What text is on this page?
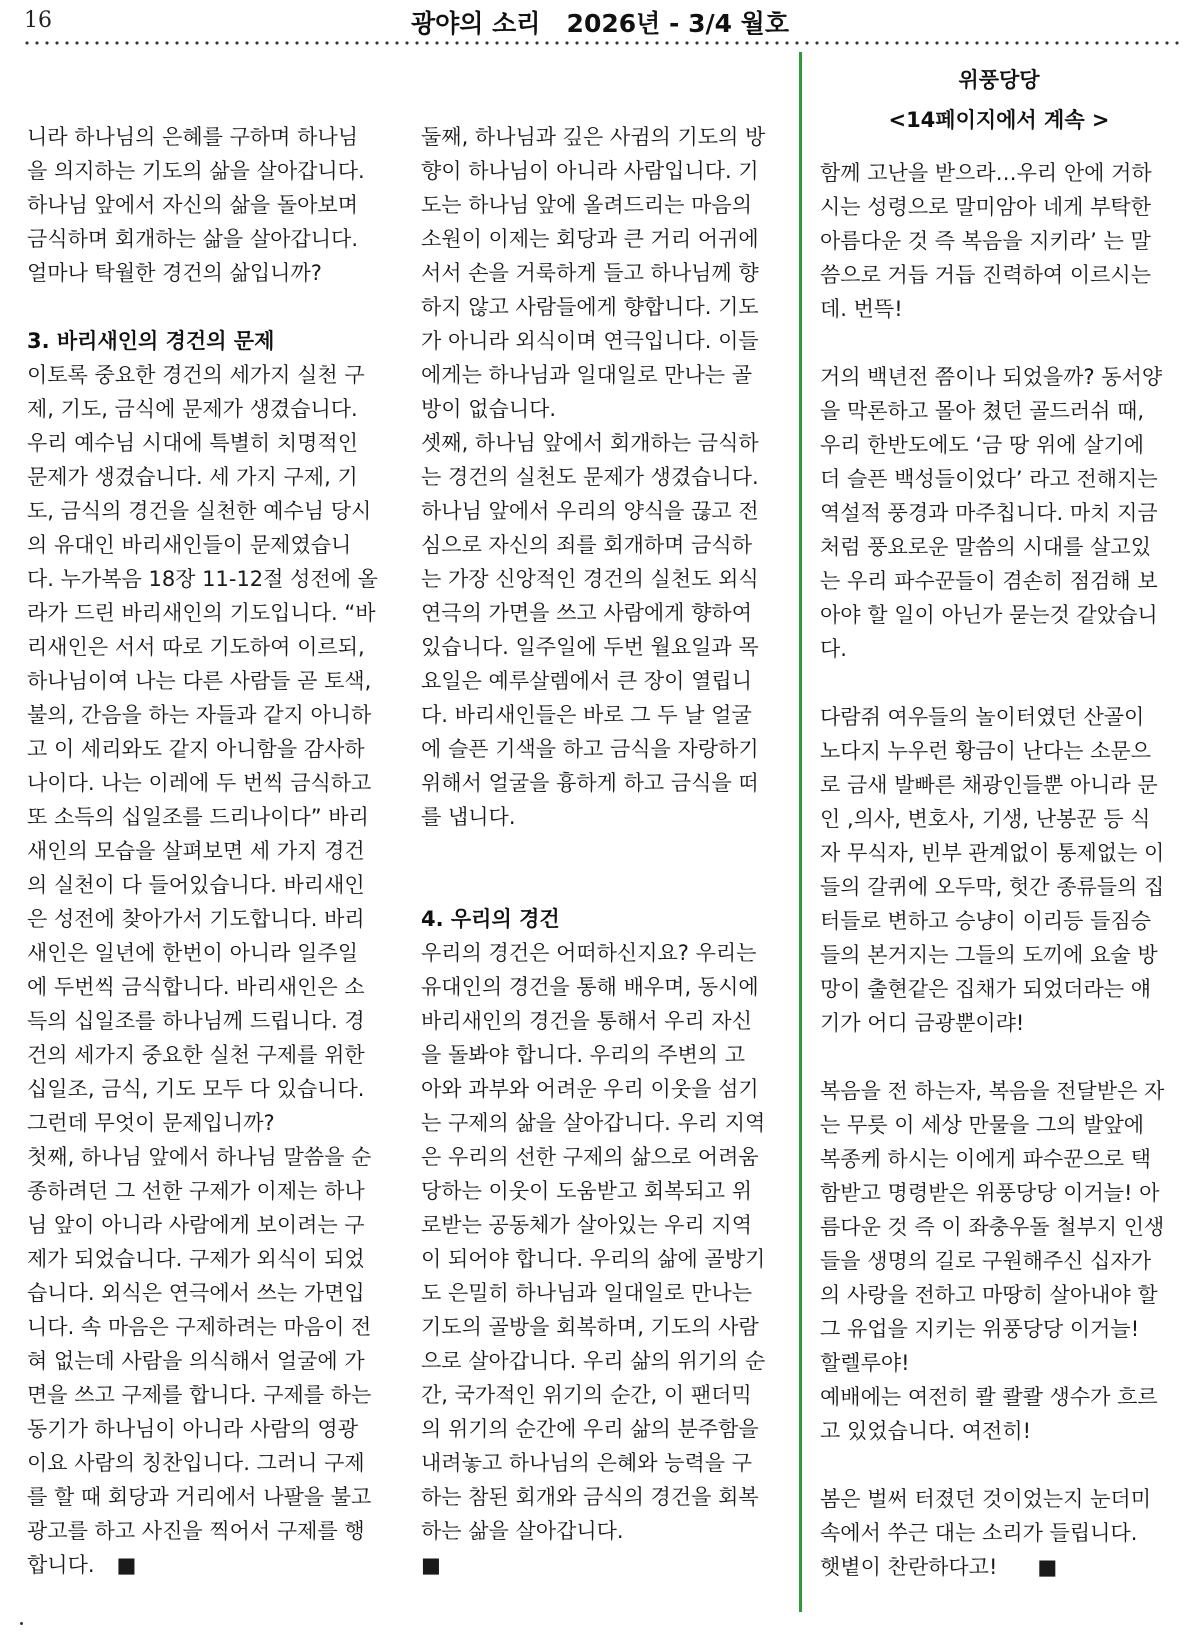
16	광야의 소리   2026년 - 3/4 월호

니라 하나님의 은혜를 구하며 하나님

을 의지하는 기도의 삶을 살아갑니다.

하나님 앞에서 자신의 삶을 돌아보며

금식하며 회개하는 삶을 살아갑니다.

얼마나 탁월한 경건의 삶입니까?

3. 바리새인의 경건의 문제

이토록 중요한 경건의 세가지 실천 구

제, 기도, 금식에 문제가 생겼습니다.

우리 예수님 시대에 특별히 치명적인

문제가 생겼습니다. 세 가지 구제, 기

도, 금식의 경건을 실천한 예수님 당시

의 유대인 바리새인들이 문제였습니

다. 누가복음 18장 11-12절 성전에 올

라가 드린 바리새인의 기도입니다. “바

리새인은 서서 따로 기도하여 이르되,

하나님이여 나는 다른 사람들 곧 토색,

불의, 간음을 하는 자들과 같지 아니하

고 이 세리와도 같지 아니함을 감사하

나이다. 나는 이레에 두 번씩 금식하고

또 소득의 십일조를 드리나이다” 바리

새인의 모습을 살펴보면 세 가지 경건

의 실천이 다 들어있습니다. 바리새인

은 성전에 찾아가서 기도합니다. 바리

새인은 일년에 한번이 아니라 일주일

에 두번씩 금식합니다. 바리새인은 소

득의 십일조를 하나님께 드립니다. 경

건의 세가지 중요한 실천 구제를 위한

십일조, 금식, 기도 모두 다 있습니다.

그런데 무엇이 문제입니까?

첫째, 하나님 앞에서 하나님 말씀을 순

종하려던 그 선한 구제가 이제는 하나

님 앞이 아니라 사람에게 보이려는 구

제가 되었습니다. 구제가 외식이 되었

습니다. 외식은 연극에서 쓰는 가면입

니다. 속 마음은 구제하려는 마음이 전

혀 없는데 사람을 의식해서 얼굴에 가

면을 쓰고 구제를 합니다. 구제를 하는

동기가 하나님이 아니라 사람의 영광

이요 사람의 칭찬입니다. 그러니 구제

를 할 때 회당과 거리에서 나팔을 불고

광고를 하고 사진을 찍어서 구제를 행

합니다. ■

둘째, 하나님과 깊은 사귐의 기도의 방

향이 하나님이 아니라 사람입니다. 기

도는 하나님 앞에 올려드리는 마음의

소원이 이제는 회당과 큰 거리 어귀에

서서 손을 거룩하게 들고 하나님께 향

하지 않고 사람들에게 향합니다. 기도

가 아니라 외식이며 연극입니다. 이들

에게는 하나님과 일대일로 만나는 골

방이 없습니다.

셋째, 하나님 앞에서 회개하는 금식하

는 경건의 실천도 문제가 생겼습니다.

하나님 앞에서 우리의 양식을 끊고 전

심으로 자신의 죄를 회개하며 금식하

는 가장 신앙적인 경건의 실천도 외식

연극의 가면을 쓰고 사람에게 향하여

있습니다. 일주일에 두번 월요일과 목

요일은 예루살렘에서 큰 장이 열립니

다. 바리새인들은 바로 그 두 날 얼굴

에 슬픈 기색을 하고 금식을 자랑하기

위해서 얼굴을 흉하게 하고 금식을 떠

를 냅니다.

4. 우리의 경건

우리의 경건은 어떠하신지요? 우리는

유대인의 경건을 통해 배우며, 동시에

바리새인의 경건을 통해서 우리 자신

을 돌봐야 합니다. 우리의 주변의 고

아와 과부와 어려운 우리 이웃을 섬기

는 구제의 삶을 살아갑니다. 우리 지역

은 우리의 선한 구제의 삶으로 어려움

당하는 이웃이 도움받고 회복되고 위

로받는 공동체가 살아있는 우리 지역

이 되어야 합니다. 우리의 삶에 골방기

도 은밀히 하나님과 일대일로 만나는

기도의 골방을 회복하며, 기도의 사람

으로 살아갑니다. 우리 삶의 위기의 순

간, 국가적인 위기의 순간, 이 팬더믹

의 위기의 순간에 우리 삶의 분주함을

내려놓고 하나님의 은혜와 능력을 구

하는 참된 회개와 금식의 경건을 회복

하는 삶을 살아갑니다.

■

위풍당당
<14페이지에서 계속 >

함께 고난을 받으라…우리 안에 거하

시는 성령으로 말미암아 네게 부탁한

아름다운 것 즉 복음을 지키라’ 는 말

씀으로 거듭 거듭 진력하여 이르시는

데. 번뜩!

거의 백년전 쯤이나 되었을까? 동서양

을 막론하고 몰아 쳤던 골드러쉬 때,

우리 한반도에도 ‘금 땅 위에 살기에

더 슬픈 백성들이었다’ 라고 전해지는

역설적 풍경과 마주칩니다. 마치 지금

처럼 풍요로운 말씀의 시대를 살고있

는 우리 파수꾼들이 겸손히 점검해 보

아야 할 일이 아닌가 묻는것 같았습니

다.

다람쥐 여우들의 놀이터였던 산골이

노다지 누우런 황금이 난다는 소문으

로 금새 발빠른 채광인들뿐 아니라 문

인 ,의사, 변호사, 기생, 난봉꾼 등 식

자 무식자, 빈부 관계없이 통제없는 이

들의 갈퀴에 오두막, 헛간 종류들의 집

터들로 변하고 승냥이 이리등 들짐승

들의 본거지는 그들의 도끼에 요술 방

망이 출현같은 집채가 되었더라는 얘

기가 어디 금광뿐이랴!

복음을 전 하는자, 복음을 전달받은 자

는 무릇 이 세상 만물을 그의 발앞에

복종케 하시는 이에게 파수꾼으로 택

함받고 명령받은 위풍당당 이거늘! 아

름다운 것 즉 이 좌충우돌 철부지 인생

들을 생명의 길로 구원해주신 십자가

의 사랑을 전하고 마땅히 살아내야 할

그 유업을 지키는 위풍당당 이거늘!

할렐루야!

예배에는 여전히 콸 콸콸 생수가 흐르

고 있었습니다. 여전히!

봄은 벌써 터졌던 것이었는지 눈더미

속에서 쑤근 대는 소리가 들립니다.

햇볕이 찬란하다고! ■
